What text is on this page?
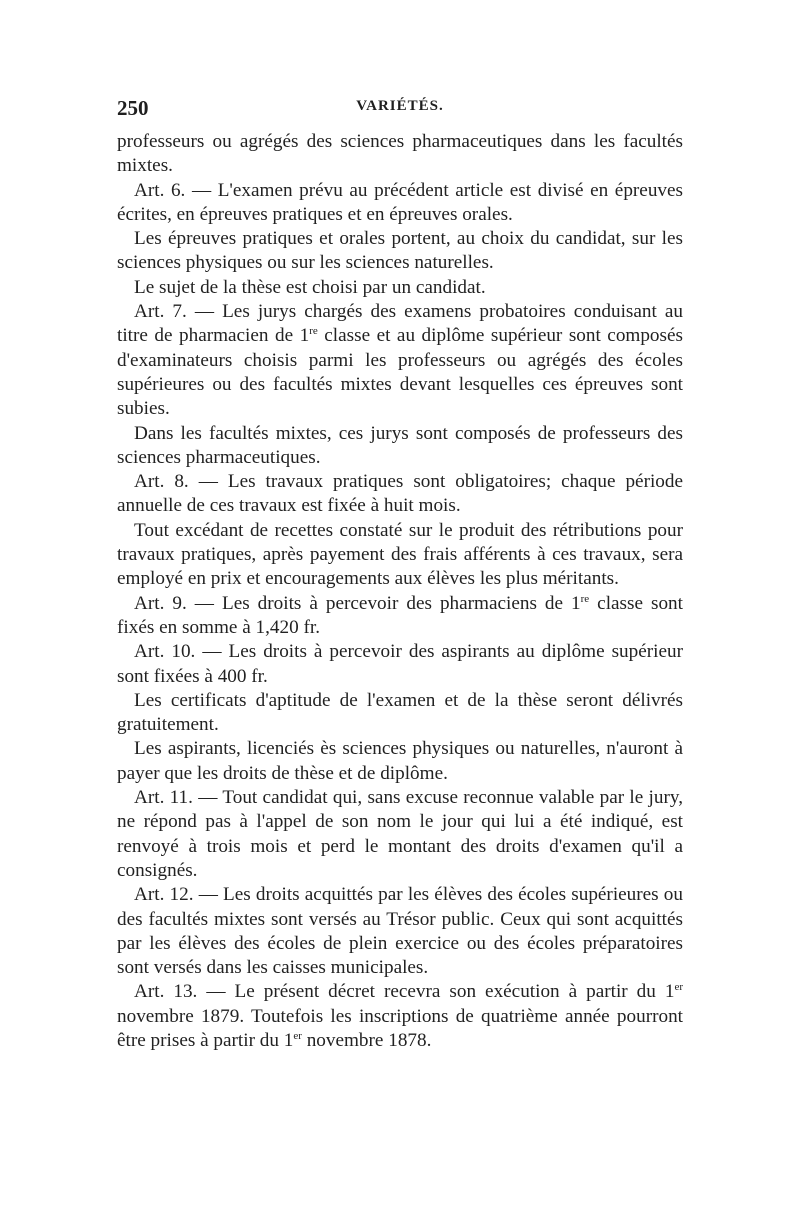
250	VARIÉTÉS.

professeurs ou agrégés des sciences pharmaceutiques dans les facultés mixtes.

Art. 6. — L'examen prévu au précédent article est divisé en épreuves écrites, en épreuves pratiques et en épreuves orales.

Les épreuves pratiques et orales portent, au choix du candidat, sur les sciences physiques ou sur les sciences naturelles.

Le sujet de la thèse est choisi par un candidat.

Art. 7. — Les jurys chargés des examens probatoires conduisant au titre de pharmacien de 1re classe et au diplôme supérieur sont composés d'examinateurs choisis parmi les professeurs ou agrégés des écoles supérieures ou des facultés mixtes devant lesquelles ces épreuves sont subies.

Dans les facultés mixtes, ces jurys sont composés de professeurs des sciences pharmaceutiques.

Art. 8. — Les travaux pratiques sont obligatoires; chaque période annuelle de ces travaux est fixée à huit mois.

Tout excédant de recettes constaté sur le produit des rétributions pour travaux pratiques, après payement des frais afférents à ces travaux, sera employé en prix et encouragements aux élèves les plus méritants.

Art. 9. — Les droits à percevoir des pharmaciens de 1re classe sont fixés en somme à 1,420 fr.

Art. 10. — Les droits à percevoir des aspirants au diplôme supérieur sont fixées à 400 fr.

Les certificats d'aptitude de l'examen et de la thèse seront délivrés gratuitement.

Les aspirants, licenciés ès sciences physiques ou naturelles, n'auront à payer que les droits de thèse et de diplôme.

Art. 11. — Tout candidat qui, sans excuse reconnue valable par le jury, ne répond pas à l'appel de son nom le jour qui lui a été indiqué, est renvoyé à trois mois et perd le montant des droits d'examen qu'il a consignés.

Art. 12. — Les droits acquittés par les élèves des écoles supérieures ou des facultés mixtes sont versés au Trésor public. Ceux qui sont acquittés par les élèves des écoles de plein exercice ou des écoles préparatoires sont versés dans les caisses municipales.

Art. 13. — Le présent décret recevra son exécution à partir du 1er novembre 1879. Toutefois les inscriptions de quatrième année pourront être prises à partir du 1er novembre 1878.
